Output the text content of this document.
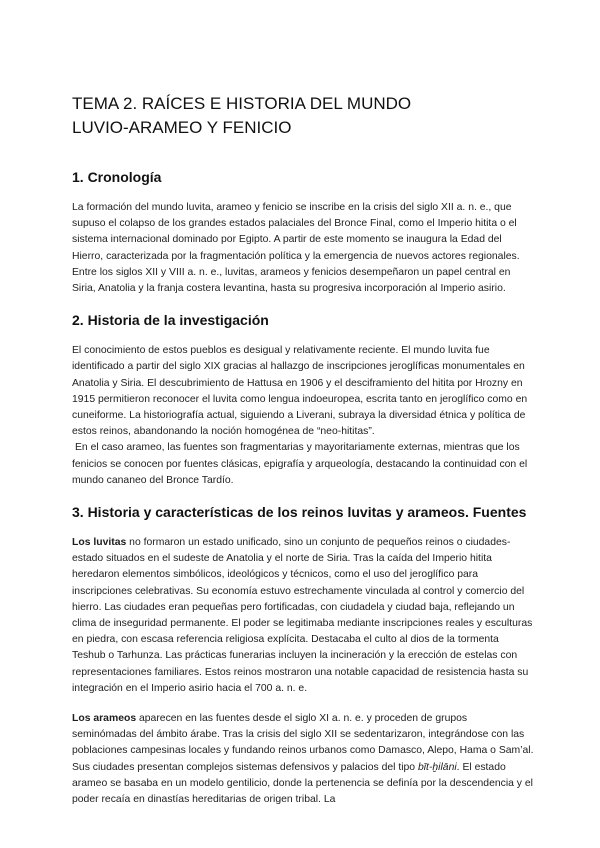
TEMA 2. RAÍCES E HISTORIA DEL MUNDO
LUVIO-ARAMEO Y FENICIO
1. Cronología

La formación del mundo luvita, arameo y fenicio se inscribe en la crisis del siglo XII a. n. e., que supuso el colapso de los grandes estados palaciales del Bronce Final, como el Imperio hitita o el sistema internacional dominado por Egipto. A partir de este momento se inaugura la Edad del Hierro, caracterizada por la fragmentación política y la emergencia de nuevos actores regionales. Entre los siglos XII y VIII a. n. e., luvitas, arameos y fenicios desempeñaron un papel central en Siria, Anatolia y la franja costera levantina, hasta su progresiva incorporación al Imperio asirio.

2. Historia de la investigación

El conocimiento de estos pueblos es desigual y relativamente reciente. El mundo luvita fue identificado a partir del siglo XIX gracias al hallazgo de inscripciones jeroglíficas monumentales en Anatolia y Siria. El descubrimiento de Hattusa en 1906 y el desciframiento del hitita por Hrozny en 1915 permitieron reconocer el luvita como lengua indoeuropea, escrita tanto en jeroglífico como en cuneiforme. La historiografía actual, siguiendo a Liverani, subraya la diversidad étnica y política de estos reinos, abandonando la noción homogénea de “neo-hititas”.

En el caso arameo, las fuentes son fragmentarias y mayoritariamente externas, mientras que los fenicios se conocen por fuentes clásicas, epigrafía y arqueología, destacando la continuidad con el mundo cananeo del Bronce Tardío.

3. Historia y características de los reinos luvitas y arameos. Fuentes

Los luvitas no formaron un estado unificado, sino un conjunto de pequeños reinos o ciudades-estado situados en el sudeste de Anatolia y el norte de Siria. Tras la caída del Imperio hitita heredaron elementos simbólicos, ideológicos y técnicos, como el uso del jeroglífico para inscripciones celebrativas. Su economía estuvo estrechamente vinculada al control y comercio del hierro. Las ciudades eran pequeñas pero fortificadas, con ciudadela y ciudad baja, reflejando un clima de inseguridad permanente. El poder se legitimaba mediante inscripciones reales y esculturas en piedra, con escasa referencia religiosa explícita. Destacaba el culto al dios de la tormenta Teshub o Tarhunza. Las prácticas funerarias incluyen la incineración y la erección de estelas con representaciones familiares. Estos reinos mostraron una notable capacidad de resistencia hasta su integración en el Imperio asirio hacia el 700 a. n. e.

Los arameos aparecen en las fuentes desde el siglo XI a. n. e. y proceden de grupos seminómadas del ámbito árabe. Tras la crisis del siglo XII se sedentarizaron, integrándose con las poblaciones campesinas locales y fundando reinos urbanos como Damasco, Alepo, Hama o Sam’al. Sus ciudades presentan complejos sistemas defensivos y palacios del tipo bīt-ḫilāni. El estado arameo se basaba en un modelo gentilicio, donde la pertenencia se definía por la descendencia y el poder recaía en dinastías hereditarias de origen tribal. La
